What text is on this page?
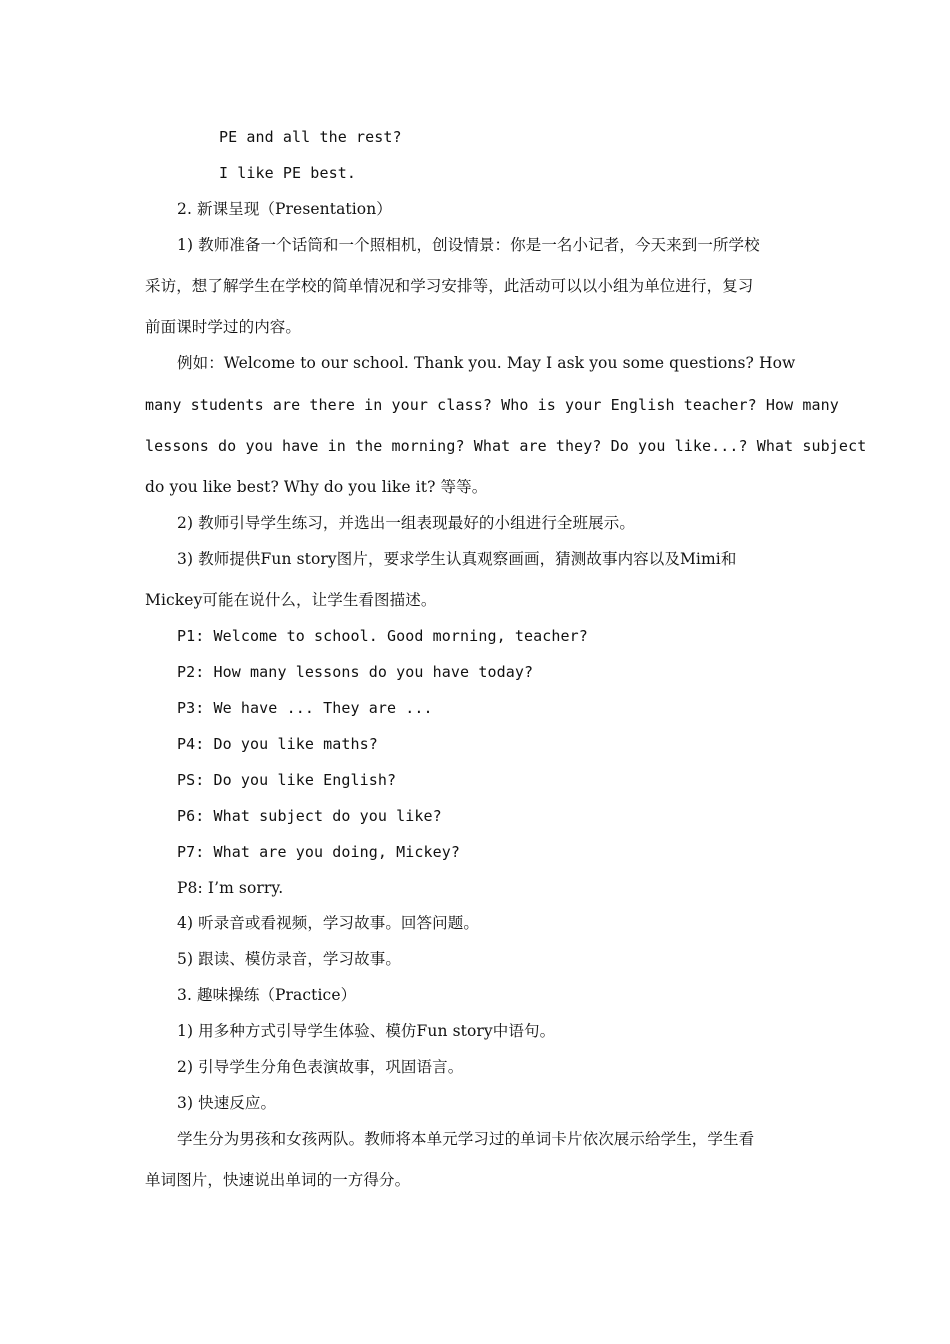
PE and all the rest?
I like PE best.
2. 新课呈现（Presentation）
1) 教师准备一个话筒和一个照相机，创设情景：你是一名小记者，今天来到一所学校
采访，想了解学生在学校的简单情况和学习安排等，此活动可以以小组为单位进行，复习
前面课时学过的内容。
例如：Welcome to our school. Thank you. May I ask you some questions? How
many students are there in your class? Who is your English teacher? How many
lessons do you have in the morning? What are they? Do you like...? What subject
do you like best? Why do you like it? 等等。
2) 教师引导学生练习，并选出一组表现最好的小组进行全班展示。
3) 教师提供Fun story图片，要求学生认真观察画画，猜测故事内容以及Mimi和
Mickey可能在说什么，让学生看图描述。
P1: Welcome to school. Good morning, teacher?
P2: How many lessons do you have today?
P3: We have ... They are ...
P4: Do you like maths?
PS: Do you like English?
P6: What subject do you like?
P7: What are you doing, Mickey?
P8: I’m sorry.
4) 听录音或看视频，学习故事。回答问题。
5) 跟读、模仿录音，学习故事。
3. 趣味操练（Practice）
1) 用多种方式引导学生体验、模仿Fun story中语句。
2) 引导学生分角色表演故事，巩固语言。
3) 快速反应。
学生分为男孩和女孩两队。教师将本单元学习过的单词卡片依次展示给学生，学生看
单词图片，快速说出单词的一方得分。
